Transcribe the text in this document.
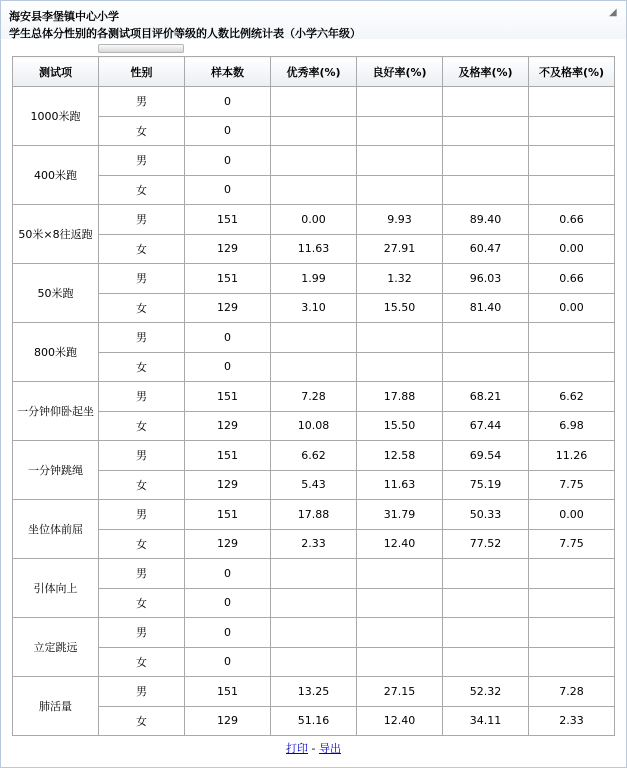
海安县李堡镇中心小学
学生总体分性别的各测试项目评价等级的人数比例统计表（小学六年级）
◢
测试项	性别	样本数	优秀率(%)	良好率(%)	及格率(%)	不及格率(%)
1000米跑	男	0				
	女	0				
400米跑	男	0				
	女	0				
50米×8往返跑	男	151	0.00	9.93	89.40	0.66
	女	129	11.63	27.91	60.47	0.00
50米跑	男	151	1.99	1.32	96.03	0.66
	女	129	3.10	15.50	81.40	0.00
800米跑	男	0				
	女	0				
一分钟仰卧起坐	男	151	7.28	17.88	68.21	6.62
	女	129	10.08	15.50	67.44	6.98
一分钟跳绳	男	151	6.62	12.58	69.54	11.26
	女	129	5.43	11.63	75.19	7.75
坐位体前屈	男	151	17.88	31.79	50.33	0.00
	女	129	2.33	12.40	77.52	7.75
引体向上	男	0				
	女	0				
立定跳远	男	0				
	女	0				
肺活量	男	151	13.25	27.15	52.32	7.28
	女	129	51.16	12.40	34.11	2.33
打印 - 导出
